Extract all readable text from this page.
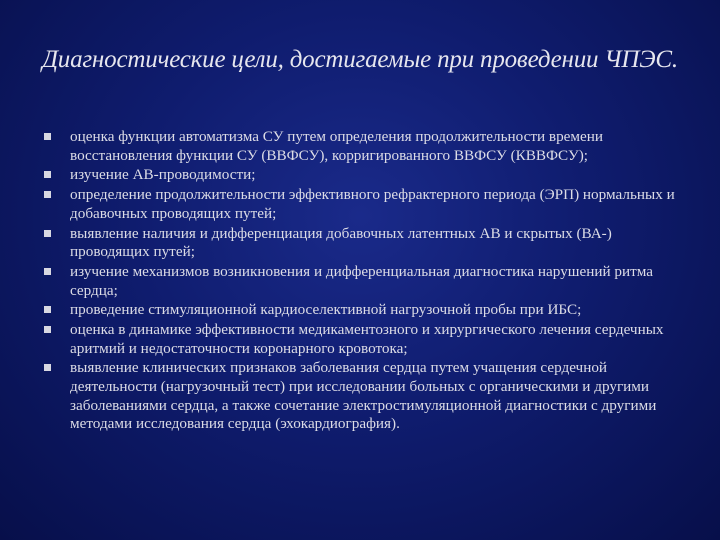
Диагностические цели, достигаемые при проведении ЧПЭС.
оценка функции автоматизма СУ путем определения продолжительности времени восстановления функции СУ (ВВФСУ), корригированного ВВФСУ (КВВФСУ);
изучение АВ-проводимости;
определение продолжительности эффективного рефрактерного периода (ЭРП) нормальных и добавочных проводящих путей;
выявление наличия и дифференциация добавочных латентных АВ и скрытых (ВА-) проводящих путей;
изучение механизмов возникновения и дифференциальная диагностика нарушений ритма сердца;
проведение стимуляционной кардиоселективной нагрузочной пробы при ИБС;
оценка в динамике эффективности медикаментозного и хирургического лечения сердечных аритмий и недостаточности коронарного кровотока;
выявление клинических признаков заболевания сердца путем учащения сердечной деятельности (нагрузочный тест) при исследовании больных с органическими и другими заболеваниями сердца, а также сочетание электростимуляционной диагностики с другими методами исследования сердца (эхокардиография).
